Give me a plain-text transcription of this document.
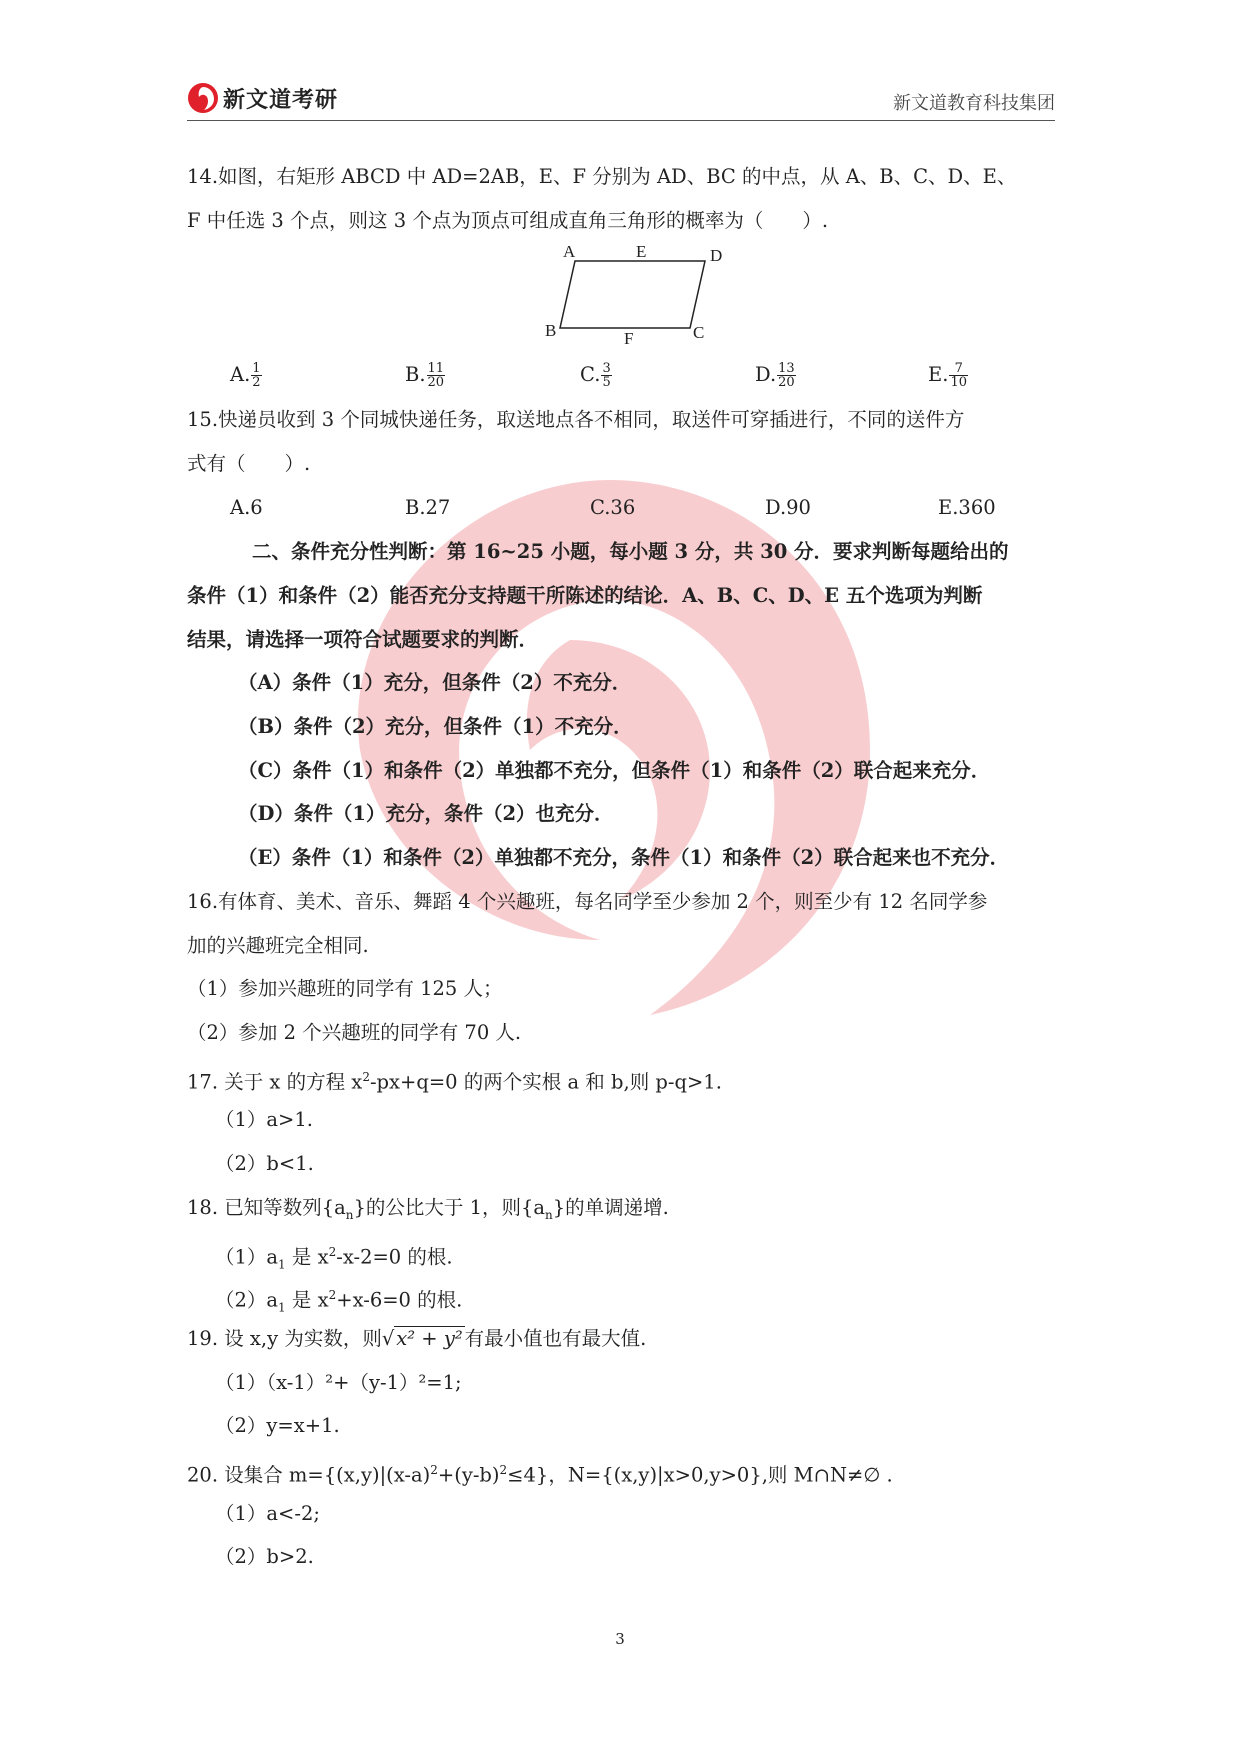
新文道考研	新文道教育科技集团
14.如图，右矩形 ABCD 中 AD=2AB，E、F 分别为 AD、BC 的中点，从 A、B、C、D、E、
F 中任选 3 个点，则这 3 个点为顶点可组成直角三角形的概率为（　　）.
A	E	D
B	F	C
A. $\frac{1}{2}$	B. $\frac{11}{20}$	C. $\frac{3}{5}$	D. $\frac{13}{20}$	E. $\frac{7}{10}$
15.快递员收到 3 个同城快递任务，取送地点各不相同，取送件可穿插进行，不同的送件方
式有（　　）.
A.6	B.27	C.36	D.90	E.360
二、条件充分性判断：第 16~25 小题，每小题 3 分，共 30 分．要求判断每题给出的
条件（1）和条件（2）能否充分支持题干所陈述的结论．A、B、C、D、E 五个选项为判断
结果，请选择一项符合试题要求的判断．
（A）条件（1）充分，但条件（2）不充分．
（B）条件（2）充分，但条件（1）不充分．
（C）条件（1）和条件（2）单独都不充分，但条件（1）和条件（2）联合起来充分．
（D）条件（1）充分，条件（2）也充分．
（E）条件（1）和条件（2）单独都不充分，条件（1）和条件（2）联合起来也不充分．
16.有体育、美术、音乐、舞蹈 4 个兴趣班，每名同学至少参加 2 个，则至少有 12 名同学参
加的兴趣班完全相同.
（1）参加兴趣班的同学有 125 人；
（2）参加 2 个兴趣班的同学有 70 人.
17. 关于 x 的方程 $x^2-px+q=0$ 的两个实根 a 和 b,则 p-q>1.
（1）a>1.
（2）b<1.
18. 已知等数列$\{a_n\}$的公比大于 1，则$\{a_n\}$的单调递增.
$(1)a_1$ 是 $x^2-x-2=0$ 的根.
$(2)a_1$ 是 $x^2+x-6=0$ 的根.
19. 设 x,y 为实数，则√ x² + y² 有最小值也有最大值.
（1）（x-1）²+（y-1）²=1;
（2）y=x+1.
20. 设集合 $m=\{(x,y)|(x-a)^2+(y-b)^2\le 4\}$，N={(x,y)|x>0,y>0},则 M∩N≠∅ .
（1）a<-2;
（2）b>2.
3
